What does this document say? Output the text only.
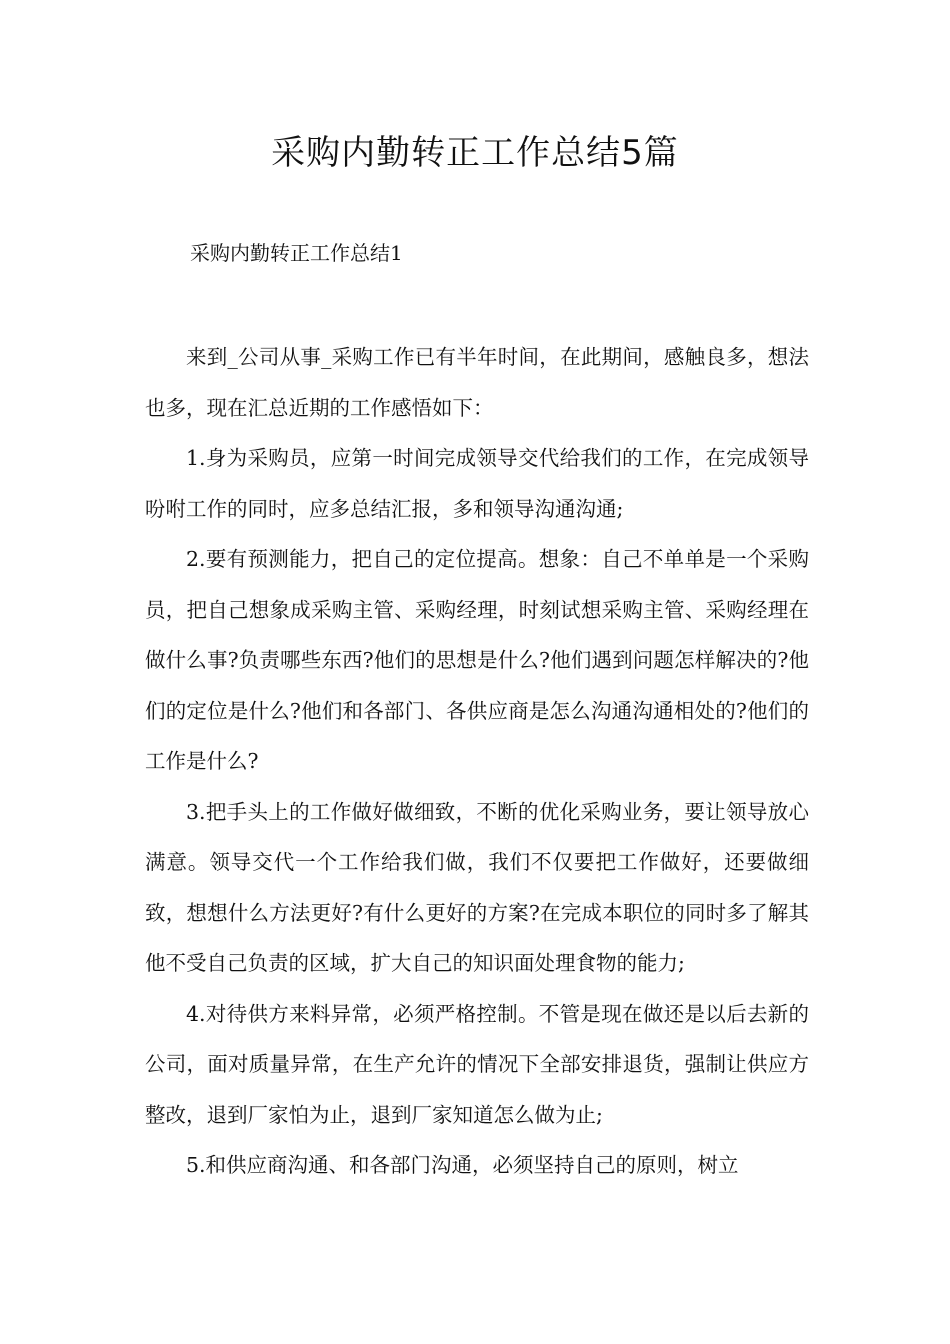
采购内勤转正工作总结5篇
采购内勤转正工作总结1

来到_公司从事_采购工作已有半年时间，在此期间，感触良多，想法也多，现在汇总近期的工作感悟如下：

1.身为采购员，应第一时间完成领导交代给我们的工作，在完成领导吩咐工作的同时，应多总结汇报，多和领导沟通沟通;

2.要有预测能力，把自己的定位提高。想象：自己不单单是一个采购员，把自己想象成采购主管、采购经理，时刻试想采购主管、采购经理在做什么事?负责哪些东西?他们的思想是什么?他们遇到问题怎样解决的?他们的定位是什么?他们和各部门、各供应商是怎么沟通沟通相处的?他们的工作是什么?

3.把手头上的工作做好做细致，不断的优化采购业务，要让领导放心满意。领导交代一个工作给我们做，我们不仅要把工作做好，还要做细致，想想什么方法更好?有什么更好的方案?在完成本职位的同时多了解其他不受自己负责的区域，扩大自己的知识面处理食物的能力;

4.对待供方来料异常，必须严格控制。不管是现在做还是以后去新的公司，面对质量异常，在生产允许的情况下全部安排退货，强制让供应方整改，退到厂家怕为止，退到厂家知道怎么做为止;

5.和供应商沟通、和各部门沟通，必须坚持自己的原则，树立
